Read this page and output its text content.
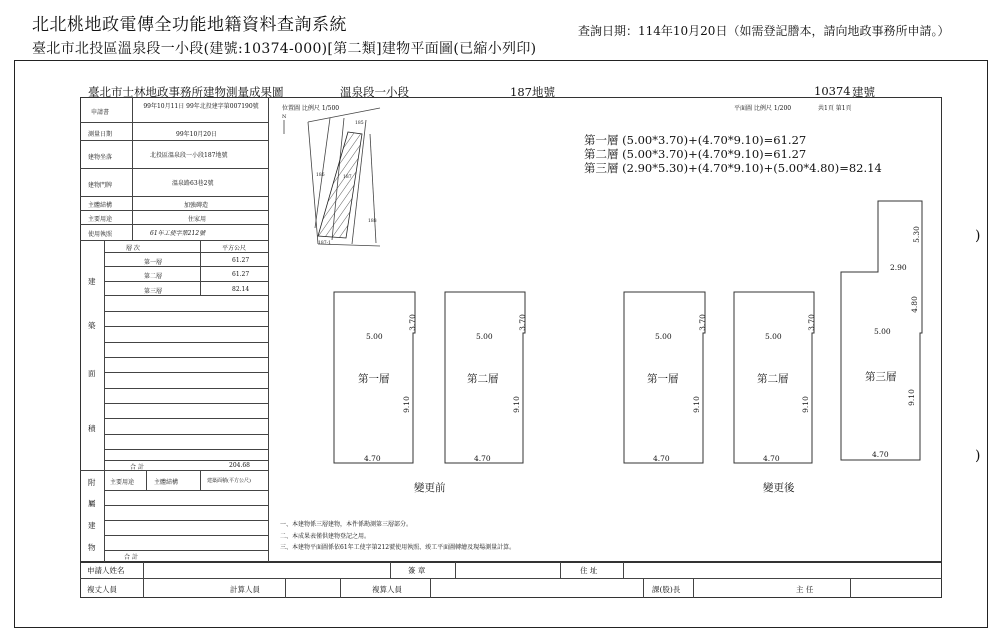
北北桃地政電傳全功能地籍資料查詢系統
臺北市北投區溫泉段一小段(建號:10374-000)[第二類]建物平面圖(已縮小列印)
查詢日期：114年10月20日（如需登記謄本，請向地政事務所申請。）
臺北市士林地政事務所建物測量成果圖	溫泉段一小段	187地號	10374 建號
平面圖 比例尺 1/200	共1頁 第1頁
位置圖 比例尺 1/500
申請書
99年10月11日 99年北投建字第007190號
測量日期	99年10月20日
建物坐落	北投區溫泉段一小段187地號
建物門牌	溫泉路63巷2號
主體結構	加強磚造
主要用途	住家用
使用執照	61年工使字第212號
建
築
面
積
層 次	平方公尺
第一層	61.27
第二層	61.27
第三層	82.14
合 計	204.68
附
屬
建
物
主要用途	主體結構	建築面積(平方公尺)
合 計
N
186	187
188
185
187-1
第一層 (5.00*3.70)+(4.70*9.10)=61.27
第二層 (5.00*3.70)+(4.70*9.10)=61.27
第三層 (2.90*5.30)+(4.70*9.10)+(5.00*4.80)=82.14
5.00
3.70
第一層
9.10
4.70
5.00
3.70
第二層
9.10
4.70
5.00
3.70
第一層
9.10
4.70
5.00
3.70
第二層
9.10
4.70
5.30
2.90
4.80
5.00
第三層
9.10
4.70
變更前	變更後
)
)
一、本建物係三層建物，本件係勘測第三層部分。
二、本成果表僅供建物登記之用。
三、本建物平面圖係依61年工使字第212號使用執照、竣工平面圖轉繪及現場測量計算。
申請人姓名	簽 章	住 址
複丈人員	計算人員	複算人員	課(股)長	主 任
